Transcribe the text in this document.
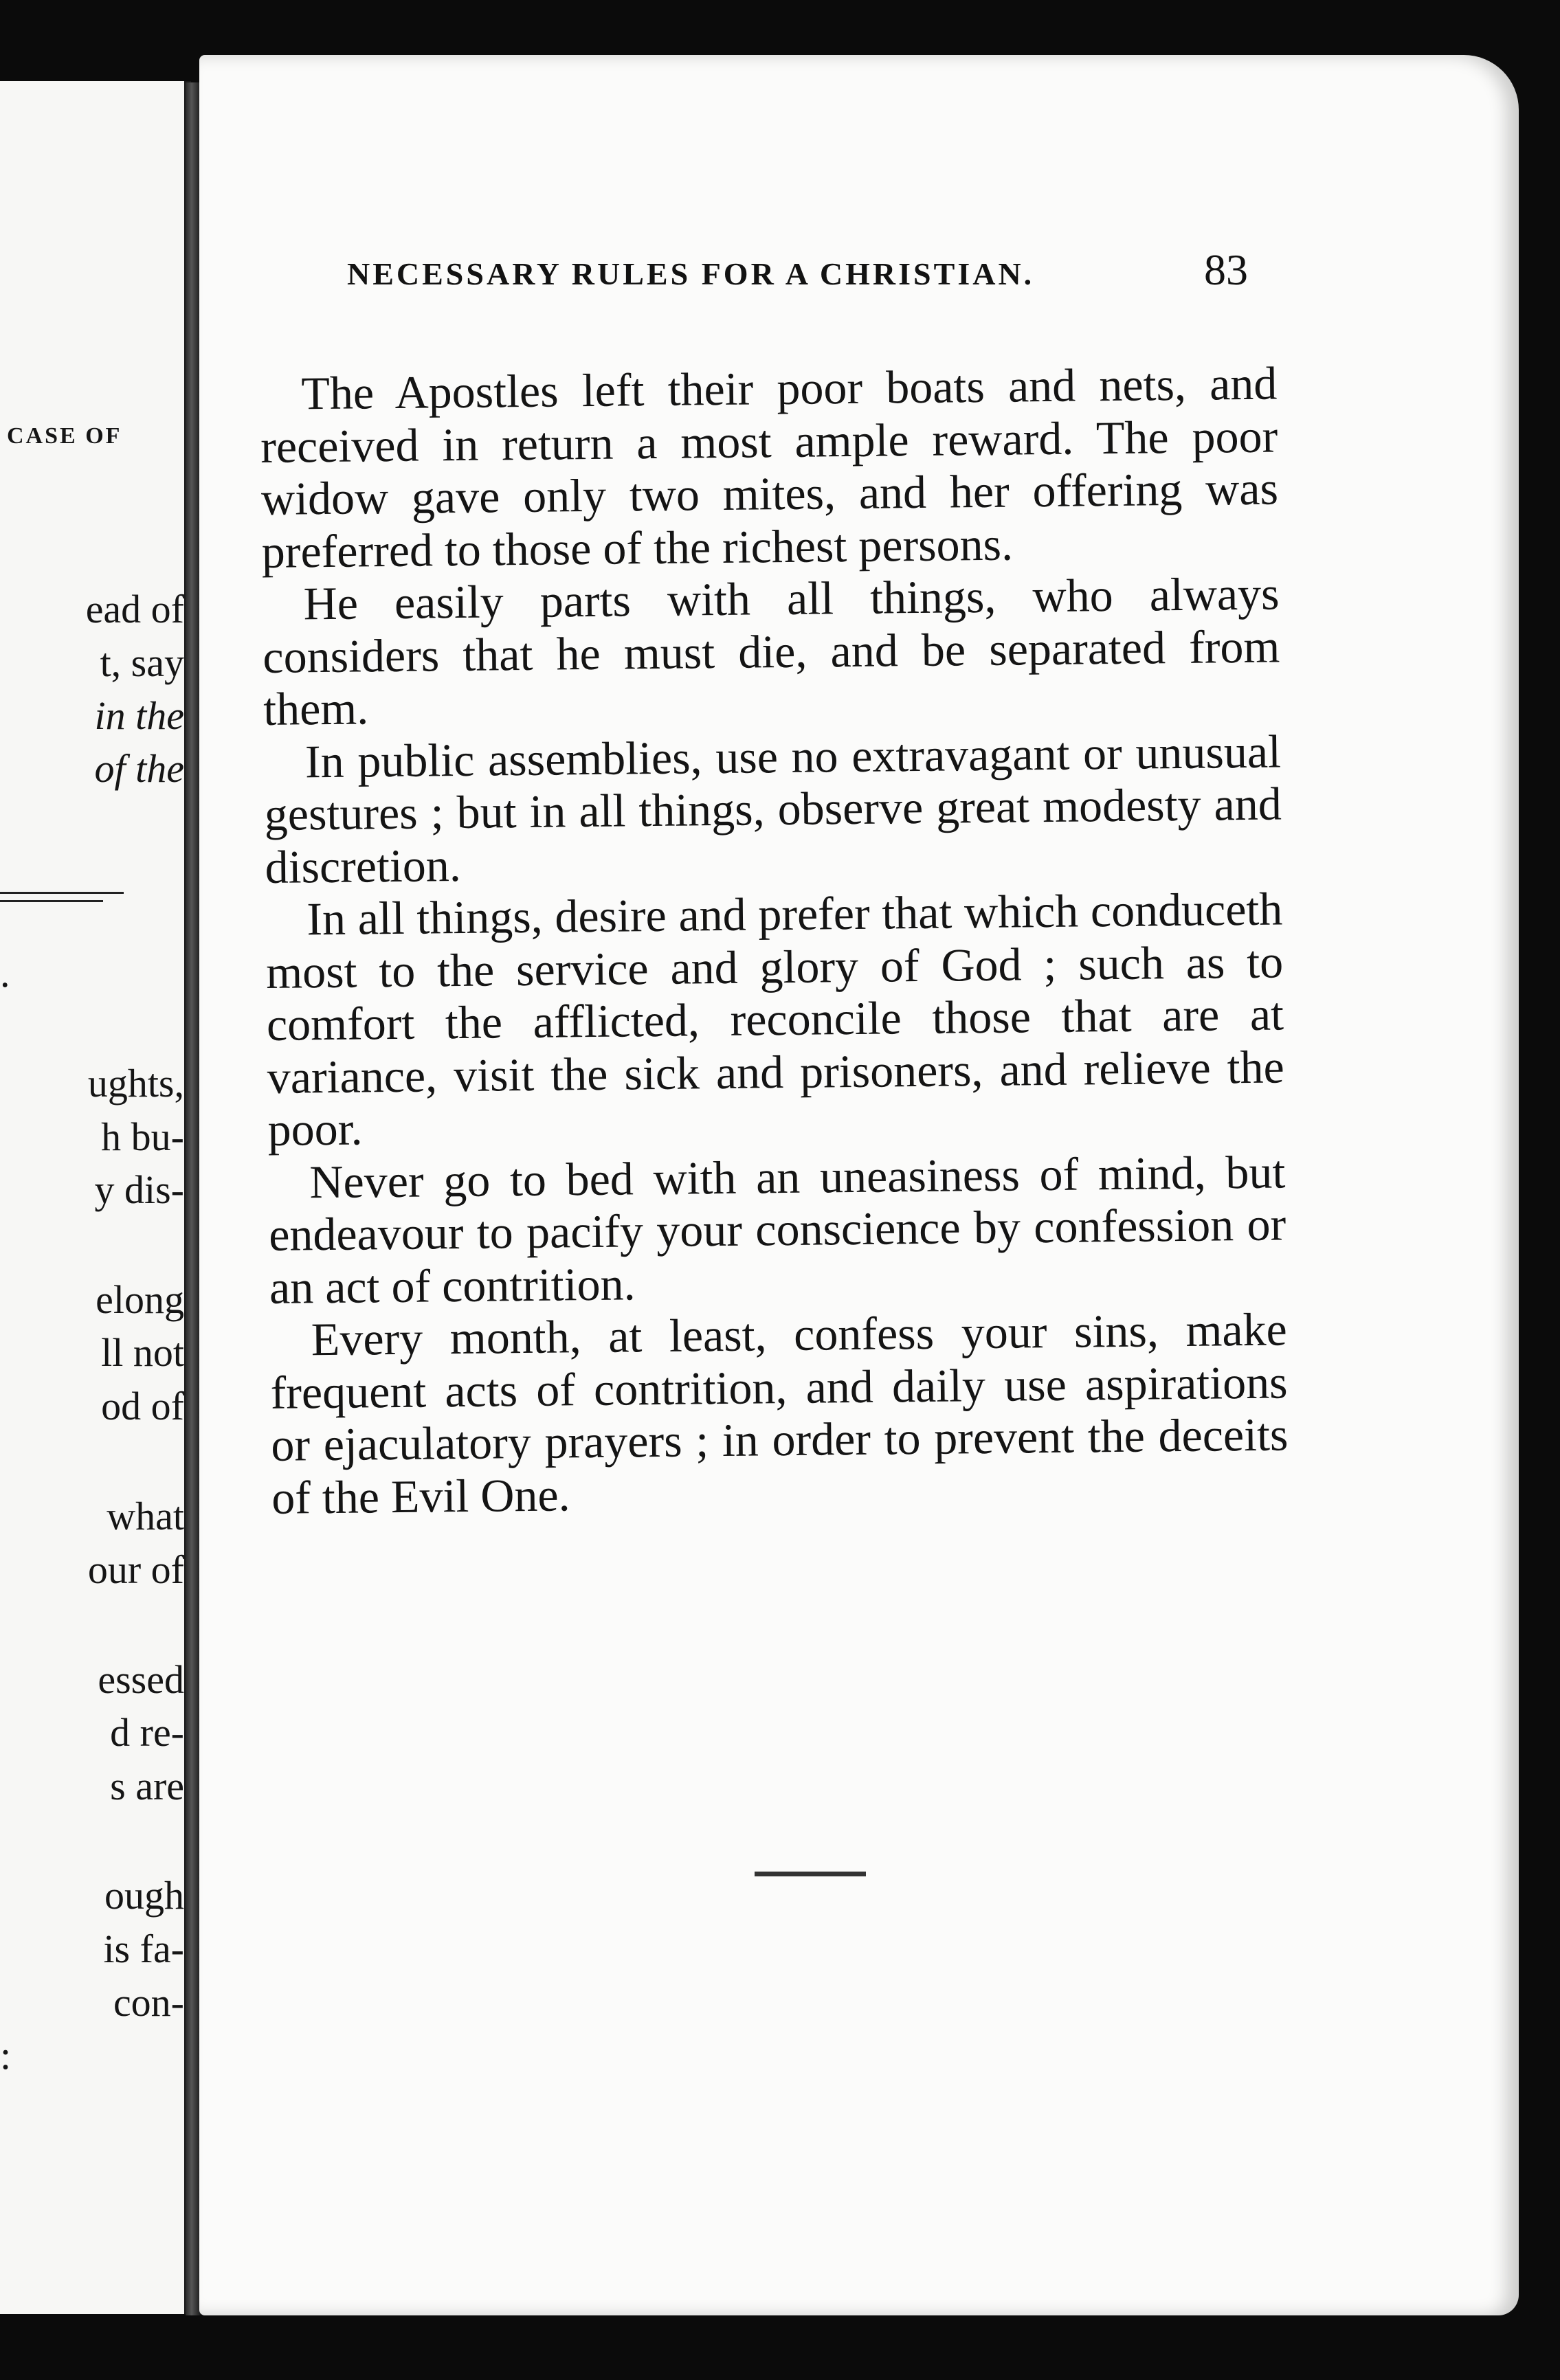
CASE OF
ead of
t, say
in the
of the
.
ughts,
h bu-
y dis-
elong
ll not
od of
what
our of
essed
d re-
s are
ough
is fa-
con-
:
NECESSARY RULES FOR A CHRISTIAN.	83

The Apostles left their poor boats and nets, and received in return a most ample reward. The poor widow gave only two mites, and her offering was preferred to those of the richest persons.

He easily parts with all things, who always considers that he must die, and be separated from them.

In public assemblies, use no extravagant or unusual gestures ; but in all things, observe great modesty and discretion.

In all things, desire and prefer that which conduceth most to the service and glory of God ; such as to comfort the afflicted, reconcile those that are at variance, visit the sick and prisoners, and relieve the poor.

Never go to bed with an uneasiness of mind, but endeavour to pacify your conscience by confession or an act of contrition.

Every month, at least, confess your sins, make frequent acts of contrition, and daily use aspirations or ejaculatory prayers ; in order to prevent the deceits of the Evil One.
